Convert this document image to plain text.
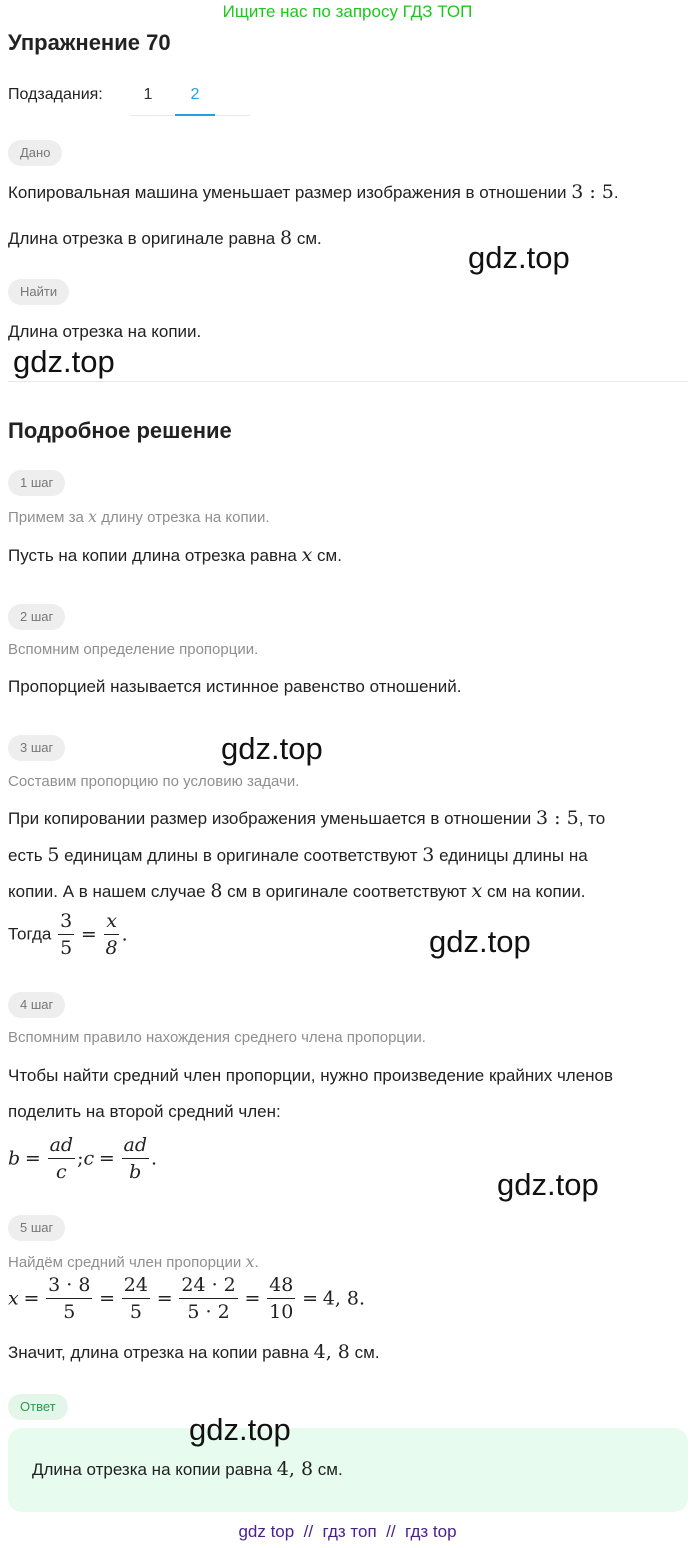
Ищите нас по запросу ГДЗ ТОП
Упражнение 70
Подзадания:	1	2
Дано
Копировальная машина уменьшает размер изображения в отношении 3 : 5.
Длина отрезка в оригинале равна 8 см.
Найти
Длина отрезка на копии.
Подробное решение
1 шаг
Примем за x длину отрезка на копии.
Пусть на копии длина отрезка равна x см.
2 шаг
Вспомним определение пропорции.
Пропорцией называется истинное равенство отношений.
3 шаг
Составим пропорцию по условию задачи.
При копировании размер изображения уменьшается в отношении 3 : 5, то
есть 5 единицам длины в оригинале соответствуют 3 единицы длины на
копии. А в нашем случае 8 см в оригинале соответствуют x см на копии.
Тогда $\frac{3}{5} = \frac{x}{8}$ .
4 шаг
Вспомним правило нахождения среднего члена пропорции.
Чтобы найти средний член пропорции, нужно произведение крайних членов
поделить на второй средний член:
$b = \frac{ad}{c}$ ;c = $\frac{ad}{b}$ .
5 шаг
Найдём средний член пропорции x.
$x = \frac{3 \cdot 8}{5} = \frac{24}{5} = \frac{24 \cdot 2}{5 \cdot 2} = \frac{48}{10} = 4$, 8.
Значит, длина отрезка на копии равна 4, 8 см.
Ответ
Длина отрезка на копии равна 4, 8 см.
gdz.top
gdz.top
gdz.top
gdz.top
gdz.top
gdz.top
gdz top  //  гдз топ  //  гдз top
